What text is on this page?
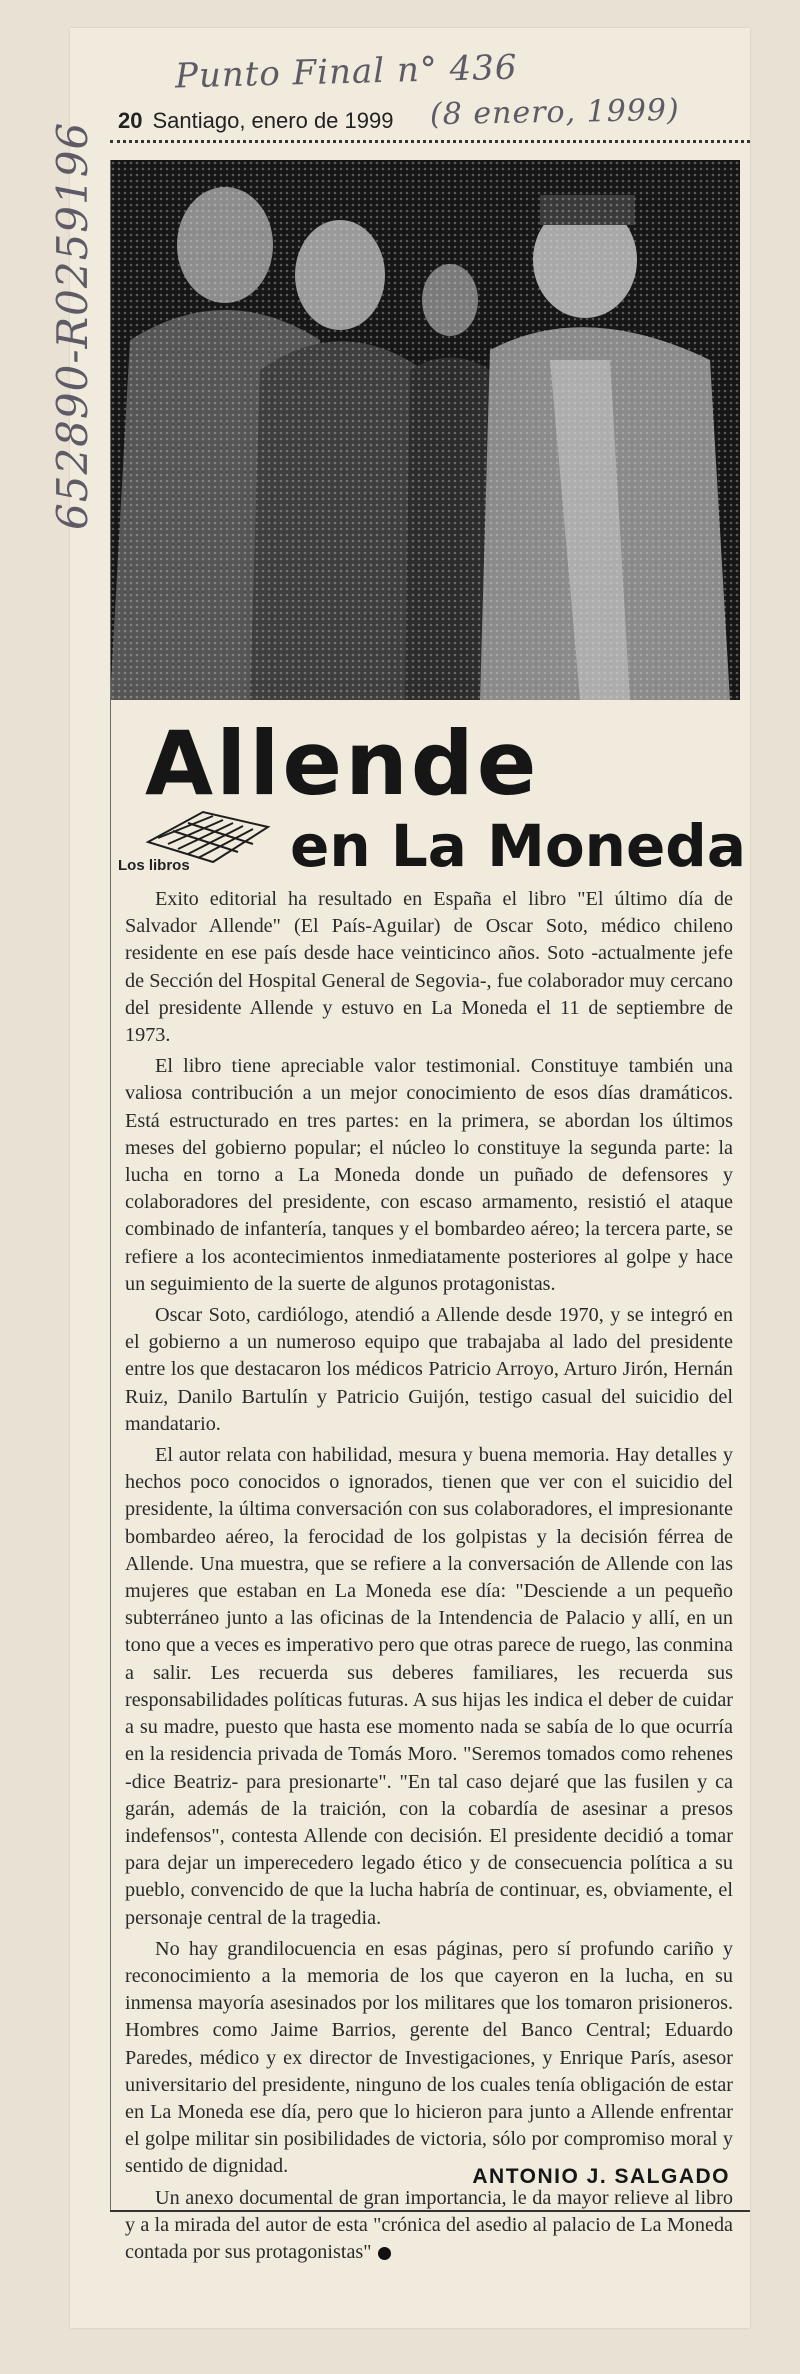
Punto Final n° 436
(8 enero, 1999)
652890-R0259196
20 Santiago, enero de 1999
Allende
Los libros en La Moneda

Exito editorial ha resultado en España el libro "El último día de Salvador Allende" (El País-Aguilar) de Oscar Soto, médico chileno residente en ese país desde hace veinticinco años. Soto -actualmente jefe de Sección del Hospital General de Segovia-, fue colaborador muy cercano del presidente Allende y estuvo en La Moneda el 11 de septiembre de 1973.

El libro tiene apreciable valor testimonial. Constituye también una valiosa contribución a un mejor conocimiento de esos días dramáticos. Está estructurado en tres partes: en la primera, se abordan los últimos meses del gobierno popular; el núcleo lo constituye la segunda parte: la lucha en torno a La Moneda donde un puñado de defensores y colaboradores del presidente, con escaso armamento, resistió el ataque combinado de infantería, tanques y el bombardeo aéreo; la tercera parte, se refiere a los acontecimientos inmediatamente posteriores al golpe y hace un seguimiento de la suerte de algunos protagonistas.

Oscar Soto, cardiólogo, atendió a Allende desde 1970, y se integró en el gobierno a un numeroso equipo que trabajaba al lado del presidente entre los que destacaron los médicos Patricio Arroyo, Arturo Jirón, Hernán Ruiz, Danilo Bartulín y Patricio Guijón, testigo casual del suicidio del mandatario.

El autor relata con habilidad, mesura y buena memoria. Hay detalles y hechos poco conocidos o ignorados, tienen que ver con el suicidio del presidente, la última conversación con sus colaboradores, el impresionante bombardeo aéreo, la ferocidad de los golpistas y la decisión férrea de Allende. Una muestra, que se refiere a la conversación de Allende con las mujeres que estaban en La Moneda ese día: "Desciende a un pequeño subterráneo junto a las oficinas de la Intendencia de Palacio y allí, en un tono que a veces es imperativo pero que otras parece de ruego, las conmina a salir. Les recuerda sus deberes familiares, les recuerda sus responsabilidades políticas futuras. A sus hijas les indica el deber de cuidar a su madre, puesto que hasta ese momento nada se sabía de lo que ocurría en la residencia privada de Tomás Moro. "Seremos tomados como rehenes -dice Beatriz- para presionarte". "En tal caso dejaré que las fusilen y ca garán, además de la traición, con la cobardía de asesinar a presos indefensos", contesta Allende con decisión. El presidente decidió a tomar para dejar un imperecedero legado ético y de consecuencia política a su pueblo, convencido de que la lucha habría de continuar, es, obviamente, el personaje central de la tragedia.

No hay grandilocuencia en esas páginas, pero sí profundo cariño y reconocimiento a la memoria de los que cayeron en la lucha, en su inmensa mayoría asesinados por los militares que los tomaron prisioneros. Hombres como Jaime Barrios, gerente del Banco Central; Eduardo Paredes, médico y ex director de Investigaciones, y Enrique París, asesor universitario del presidente, ninguno de los cuales tenía obligación de estar en La Moneda ese día, pero que lo hicieron para junto a Allende enfrentar el golpe militar sin posibilidades de victoria, sólo por compromiso moral y sentido de dignidad.

Un anexo documental de gran importancia, le da mayor relieve al libro y a la mirada del autor de esta "crónica del asedio al palacio de La Moneda contada por sus protagonistas"

ANTONIO J. SALGADO
